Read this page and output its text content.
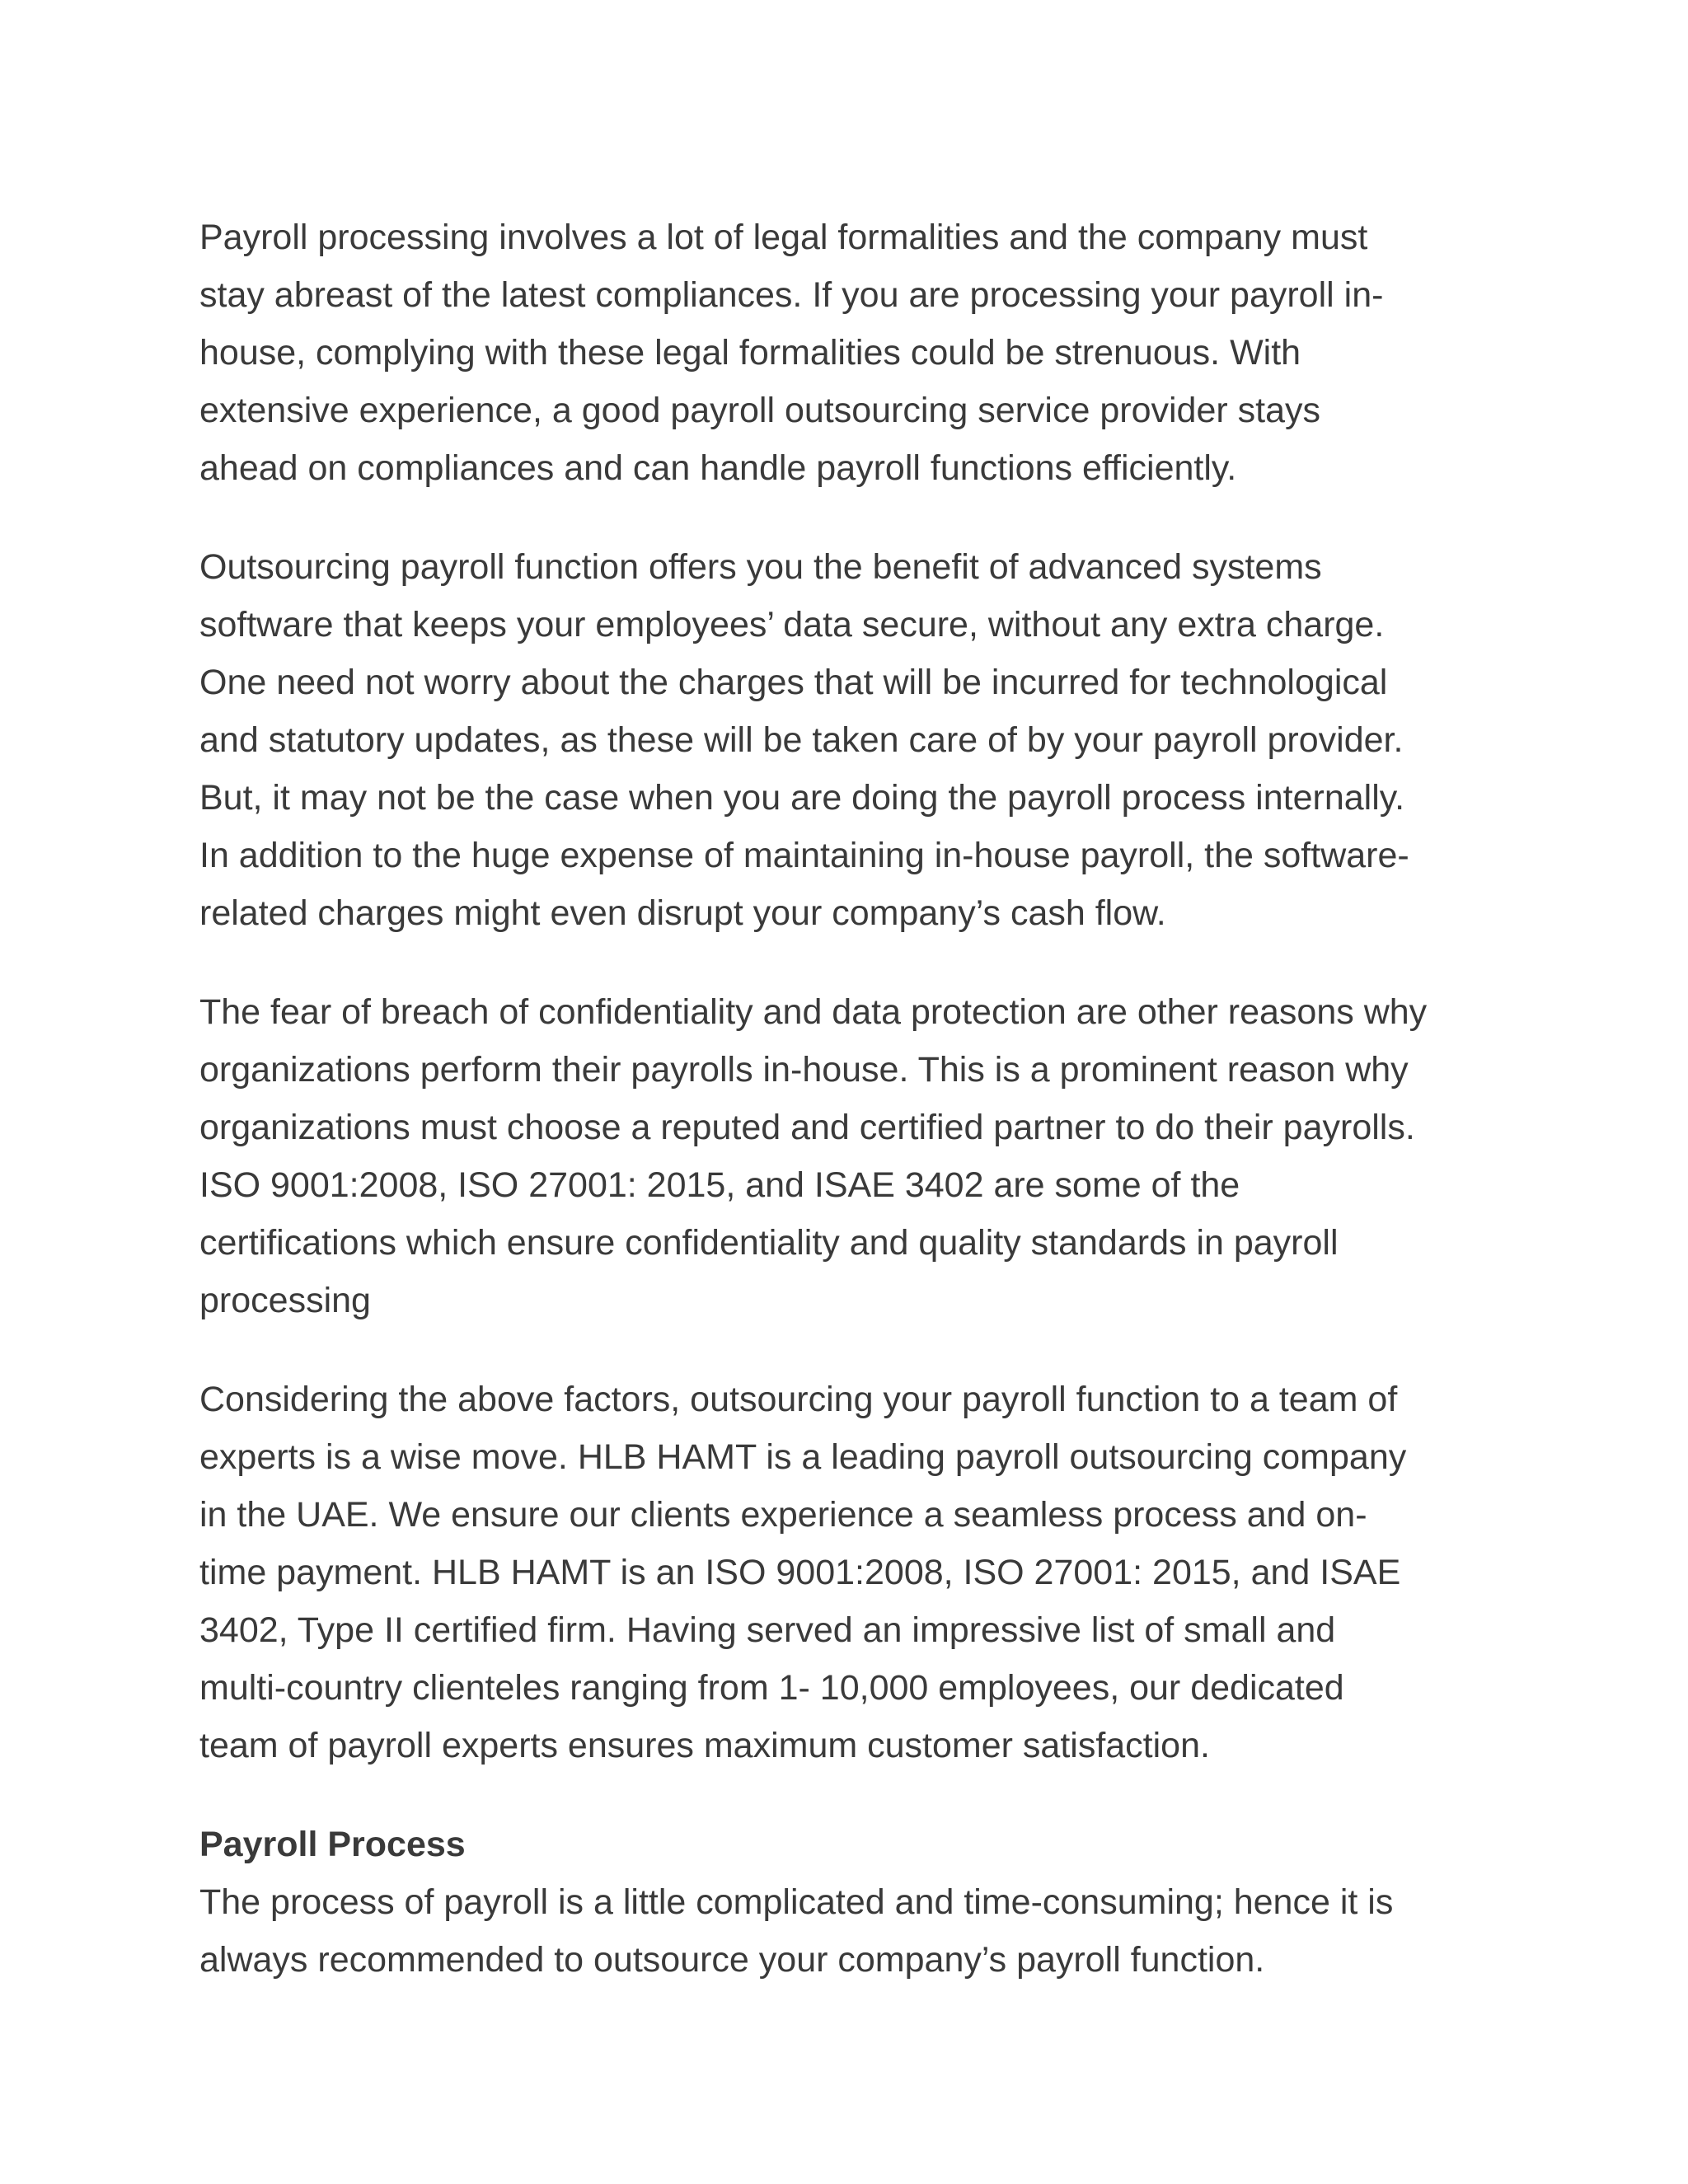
Payroll processing involves a lot of legal formalities and the company must
stay abreast of the latest compliances. If you are processing your payroll in-
house, complying with these legal formalities could be strenuous. With
extensive experience, a good payroll outsourcing service provider stays
ahead on compliances and can handle payroll functions efficiently.
Outsourcing payroll function offers you the benefit of advanced systems
software that keeps your employees’ data secure, without any extra charge.
One need not worry about the charges that will be incurred for technological
and statutory updates, as these will be taken care of by your payroll provider.
But, it may not be the case when you are doing the payroll process internally.
In addition to the huge expense of maintaining in-house payroll, the software-
related charges might even disrupt your company’s cash flow.
The fear of breach of confidentiality and data protection are other reasons why
organizations perform their payrolls in-house. This is a prominent reason why
organizations must choose a reputed and certified partner to do their payrolls.
ISO 9001:2008, ISO 27001: 2015, and ISAE 3402 are some of the
certifications which ensure confidentiality and quality standards in payroll
processing
Considering the above factors, outsourcing your payroll function to a team of
experts is a wise move. HLB HAMT is a leading payroll outsourcing company
in the UAE. We ensure our clients experience a seamless process and on-
time payment. HLB HAMT is an ISO 9001:2008, ISO 27001: 2015, and ISAE
3402, Type II certified firm. Having served an impressive list of small and
multi-country clienteles ranging from 1- 10,000 employees, our dedicated
team of payroll experts ensures maximum customer satisfaction.
Payroll Process
The process of payroll is a little complicated and time-consuming; hence it is
always recommended to outsource your company’s payroll function.
